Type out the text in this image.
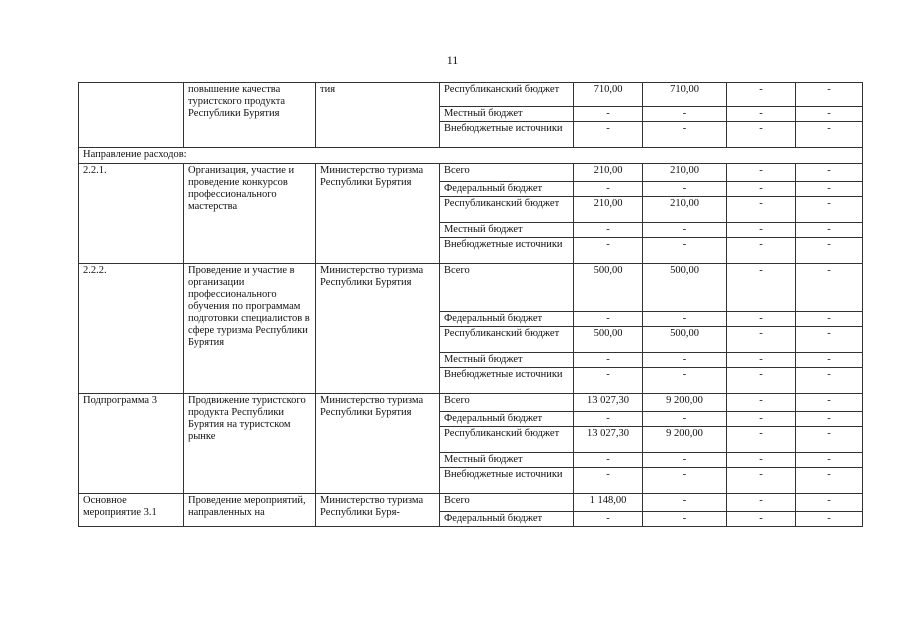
11
	повышение качества туристского продукта Республики Бурятия	тия	Республиканский бюджет	710,00	710,00	-	-
			Местный бюджет	-	-	-	-
			Внебюджетные источники	-	-	-	-
Направление расходов:							
2.2.1.	Организация, участие и проведение конкурсов профессионального мастерства	Министерство туризма Республики Бурятия	Всего	210,00	210,00	-	-
			Федеральный бюджет	-	-	-	-
			Республиканский бюджет	210,00	210,00	-	-
			Местный бюджет	-	-	-	-
			Внебюджетные источники	-	-	-	-
2.2.2.	Проведение и участие в организации профессионального обучения по программам подготовки специалистов в сфере туризма Республики Бурятия	Министерство туризма Республики Бурятия	Всего	500,00	500,00	-	-
			Федеральный бюджет	-	-	-	-
			Республиканский бюджет	500,00	500,00	-	-
			Местный бюджет	-	-	-	-
			Внебюджетные источники	-	-	-	-
Подпрограмма 3	Продвижение туристского продукта Республики Бурятия на туристском рынке	Министерство туризма Республики Бурятия	Всего	13 027,30	9 200,00	-	-
			Федеральный бюджет	-	-	-	-
			Республиканский бюджет	13 027,30	9 200,00	-	-
			Местный бюджет	-	-	-	-
			Внебюджетные источники	-	-	-	-
Основное мероприятие 3.1	Проведение мероприятий, направленных на	Министерство туризма Республики Буря-	Всего	1 148,00	-	-	-
			Федеральный бюджет	-	-	-	-
